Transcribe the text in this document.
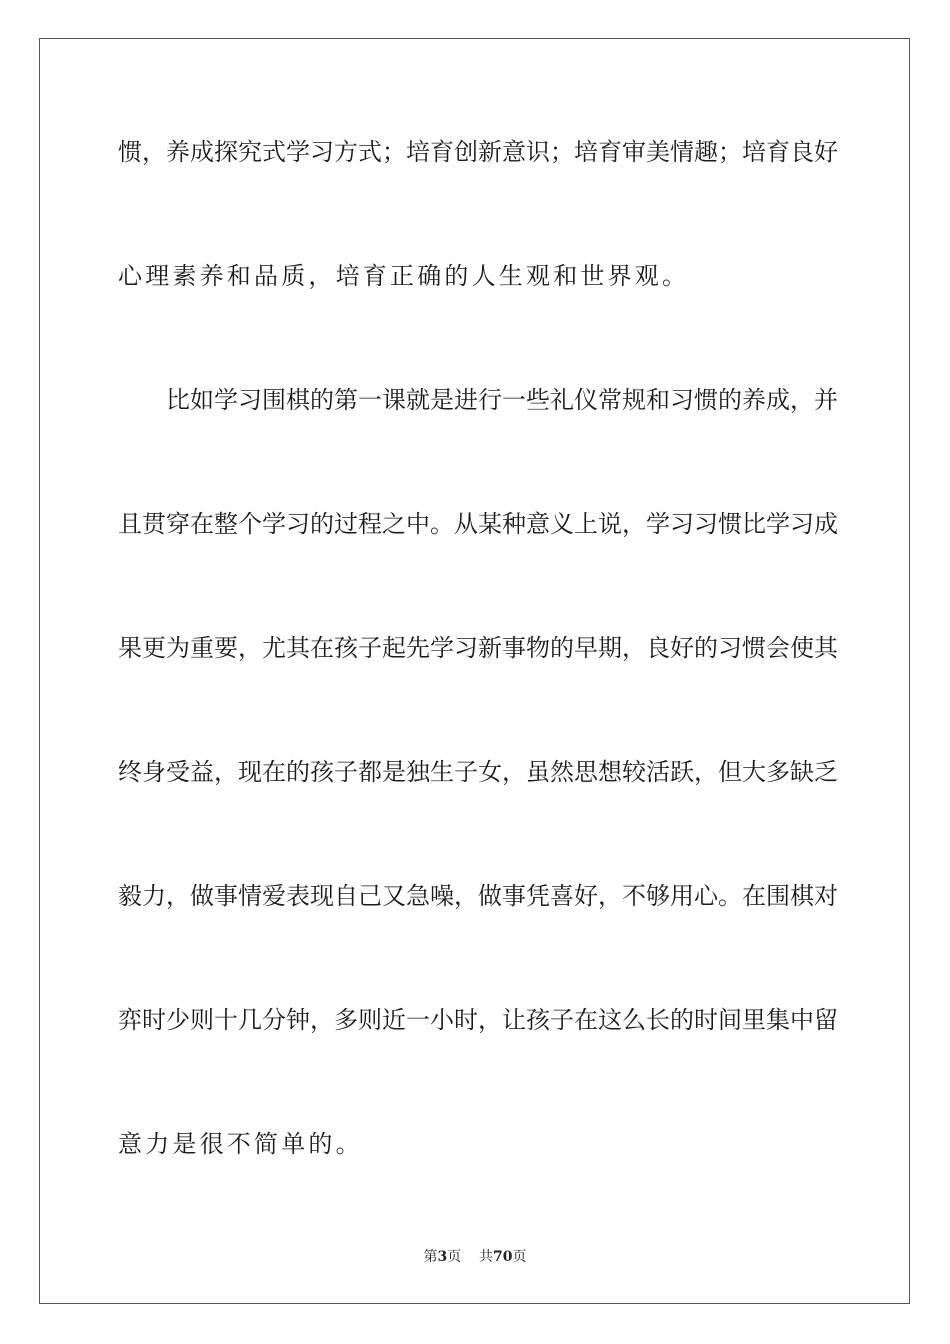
惯，养成探究式学习方式；培育创新意识；培育审美情趣；培育良好
心理素养和品质，培育正确的人生观和世界观。
比如学习围棋的第一课就是进行一些礼仪常规和习惯的养成，并
且贯穿在整个学习的过程之中。从某种意义上说，学习习惯比学习成
果更为重要，尤其在孩子起先学习新事物的早期，良好的习惯会使其
终身受益，现在的孩子都是独生子女，虽然思想较活跃，但大多缺乏
毅力，做事情爱表现自己又急噪，做事凭喜好，不够用心。在围棋对
弈时少则十几分钟，多则近一小时，让孩子在这么长的时间里集中留
意力是很不简单的。
第3页 共70页
